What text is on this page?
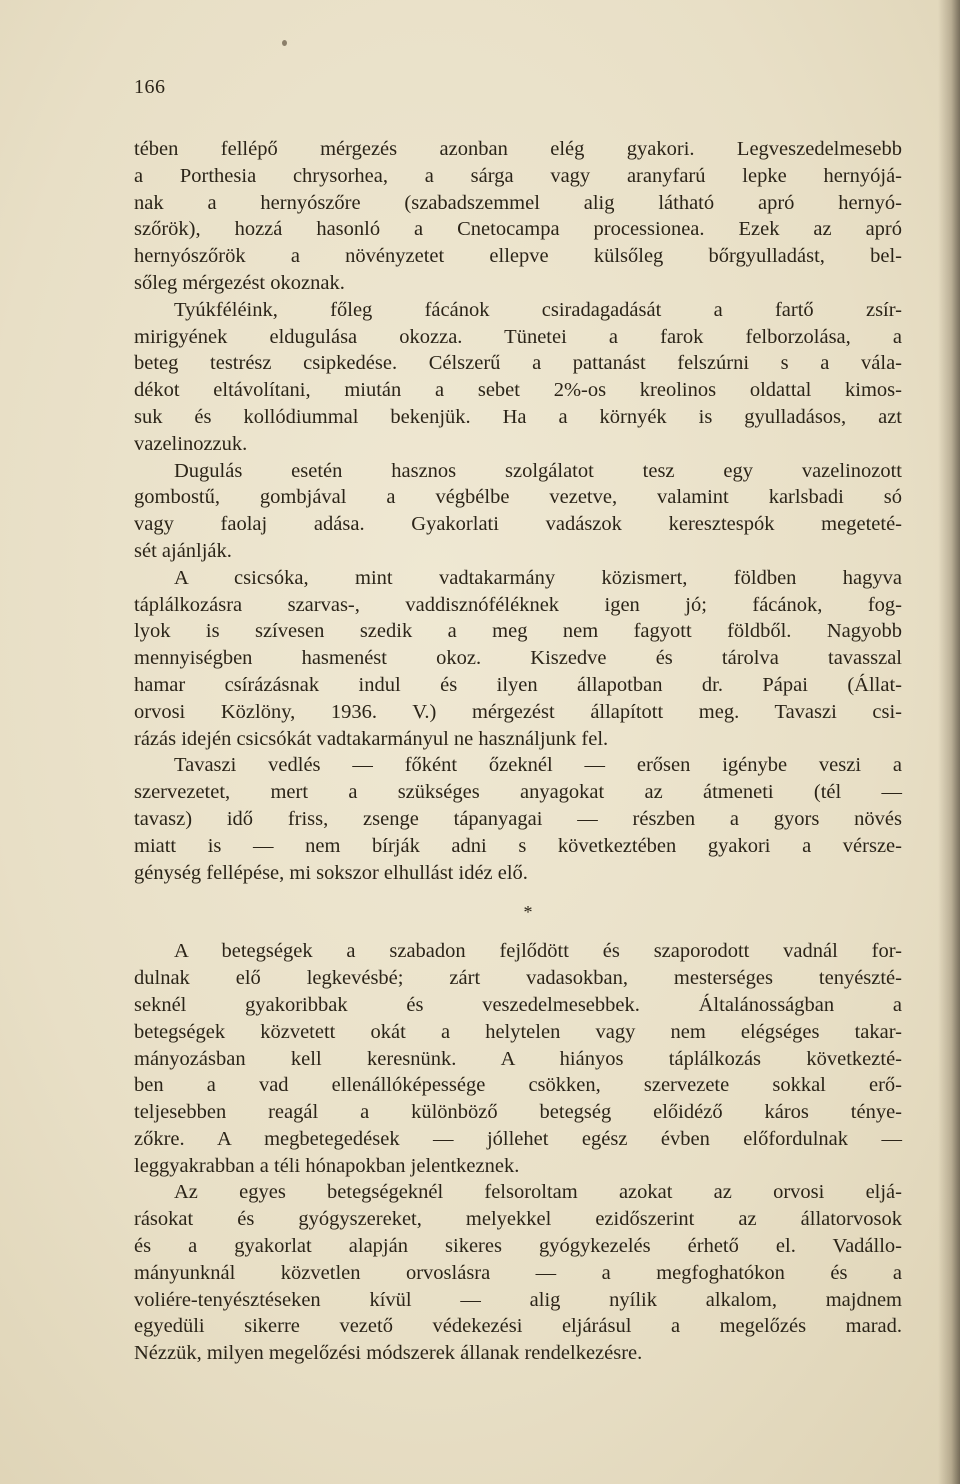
166
tében fellépő mérgezés azonban elég gyakori. Legveszedelmesebb
a Porthesia chrysorhea, a sárga vagy aranyfarú lepke hernyójá-
nak a hernyószőre (szabadszemmel alig látható apró hernyó-
szőrök), hozzá hasonló a Cnetocampa processionea. Ezek az apró
hernyószőrök a növényzetet ellepve külsőleg bőrgyulladást, bel-
sőleg mérgezést okoznak.
Tyúkféléink, főleg fácánok csiradagadását a fartő zsír-
mirigyének eldugulása okozza. Tünetei a farok felborzolása, a
beteg testrész csipkedése. Célszerű a pattanást felszúrni s a vála-
dékot eltávolítani, miután a sebet 2%-os kreolinos oldattal kimos-
suk és kollódiummal bekenjük. Ha a környék is gyulladásos, azt
vazelinozzuk.
Dugulás esetén hasznos szolgálatot tesz egy vazelinozott
gombostű, gombjával a végbélbe vezetve, valamint karlsbadi só
vagy faolaj adása. Gyakorlati vadászok keresztespók megeteté-
sét ajánlják.
A csicsóka, mint vadtakarmány közismert, földben hagyva
táplálkozásra szarvas-, vaddisznóféléknek igen jó; fácánok, fog-
lyok is szívesen szedik a meg nem fagyott földből. Nagyobb
mennyiségben hasmenést okoz. Kiszedve és tárolva tavasszal
hamar csírázásnak indul és ilyen állapotban dr. Pápai (Állat-
orvosi Közlöny, 1936. V.) mérgezést állapított meg. Tavaszi csi-
rázás idején csicsókát vadtakarmányul ne használjunk fel.
Tavaszi vedlés — főként őzeknél — erősen igénybe veszi a
szervezetet, mert a szükséges anyagokat az átmeneti (tél —
tavasz) idő friss, zsenge tápanyagai — részben a gyors növés
miatt is — nem bírják adni s következtében gyakori a vérsze-
génység fellépése, mi sokszor elhullást idéz elő.
*
A betegségek a szabadon fejlődött és szaporodott vadnál for-
dulnak elő legkevésbé; zárt vadasokban, mesterséges tenyészté-
seknél gyakoribbak és veszedelmesebbek. Általánosságban a
betegségek közvetett okát a helytelen vagy nem elégséges takar-
mányozásban kell keresnünk. A hiányos táplálkozás következté-
ben a vad ellenállóképessége csökken, szervezete sokkal erő-
teljesebben reagál a különböző betegség előidéző káros ténye-
zőkre. A megbetegedések — jóllehet egész évben előfordulnak —
leggyakrabban a téli hónapokban jelentkeznek.
Az egyes betegségeknél felsoroltam azokat az orvosi eljá-
rásokat és gyógyszereket, melyekkel ezidőszerint az állatorvosok
és a gyakorlat alapján sikeres gyógykezelés érhető el. Vadállo-
mányunknál közvetlen orvoslásra — a megfoghatókon és a
voliére-tenyésztéseken kívül — alig nyílik alkalom, majdnem
egyedüli sikerre vezető védekezési eljárásul a megelőzés marad.
Nézzük, milyen megelőzési módszerek állanak rendelkezésre.
